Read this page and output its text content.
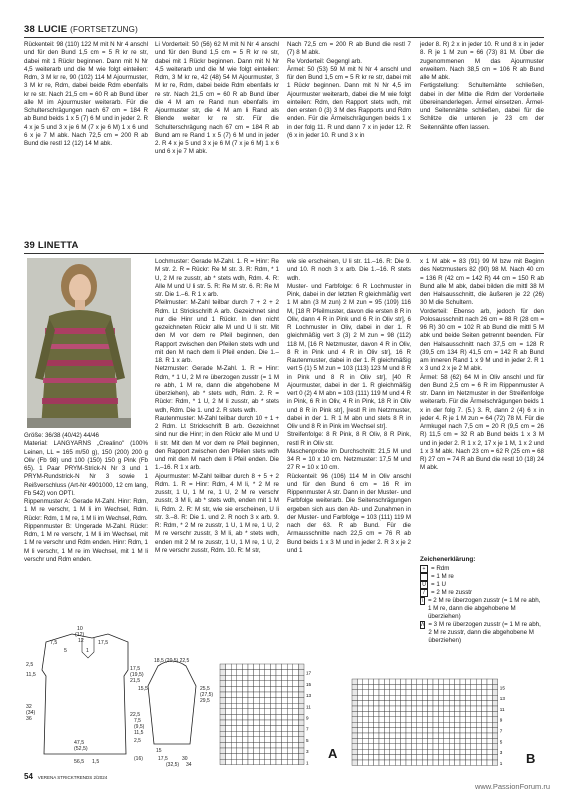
38 LUCIE (FORTSETZUNG)
Rückenteil: 98 (110) 122 M mit N Nr 4 anschl und für den Bund 1,5 cm = 5 R kr re str, dabei mit 1 Rückr beginnen. Dann mit N Nr 4,5 weiterarb und die M wie folgt einteilen: Rdm, 3 M kr re, 90 (102) 114 M Ajourmuster, 3 M kr re, Rdm, dabei beide Rdm ebenfalls kr re str. Nach 21,5 cm = 60 R ab Bund über alle M im Ajourmuster weiterarb. Für die Schulterschrägungen nach 67 cm = 184 R ab Bund beids 1 x 5 (7) 6 M und in jeder 2. R 4 x je 5 und 3 x je 6 M (7 x je 6 M) 1 x 6 und 6 x je 7 M abk. Nach 72,5 cm = 200 R ab Bund die restl 12 (12) 14 M abk.
Li Vorderteil: 50 (56) 62 M mit N Nr 4 anschl und für den Bund 1,5 cm = 5 R kr re str, dabei mit 1 Rückr beginnen. Dann mit N Nr 4,5 weiterarb und die M wie folgt einteilen: Rdm, 3 M kr re, 42 (48) 54 M Ajourmuster, 3 M kr re, Rdm, dabei beide Rdm ebenfalls kr re str. Nach 21,5 cm = 60 R ab Bund über die 4 M am re Rand nun ebenfalls im Ajourmuster str, die 4 M am li Rand als Blende weiter kr re str. Für die Schulterschrägung nach 67 cm = 184 R ab Bund am re Rand 1 x 5 (7) 6 M und in jeder 2. R 4 x je 5 und 3 x je 6 M (7 x je 6 M) 1 x 6 und 6 x je 7 M abk.
Nach 72,5 cm = 200 R ab Bund die restl 7 (7) 8 M abk.
Re Vorderteil: Gegengl arb.
Ärmel: 50 (53) 59 M mit N Nr 4 anschl und für den Bund 1,5 cm = 5 R kr re str, dabei mit 1 Rückr beginnen. Dann mit N Nr 4,5 im Ajourmuster weiterarb, dabei die M wie folgt einteilen: Rdm, den Rapport stets wdh, mit den ersten 0 (3) 3 M des Rapports und Rdm enden. Für die Ärmelschrägungen beids 1 x in der folg 11. R und dann 7 x in jeder 12. R (6 x in jeder 10. R und 3 x in
jeder 8. R) 2 x in jeder 10. R und 8 x in jeder 8. R je 1 M zun = 66 (73) 81 M. Über die zugenommenen M das Ajourmuster erweitern. Nach 38,5 cm = 106 R ab Bund alle M abk.
Fertigstellung: Schulternähte schließen, dabei in der Mitte die Rdm der Vorderteile übereinanderlegen. Ärmel einsetzen. Ärmel- und Seitennähte schließen, dabei für die Schlitze die unteren je 23 cm der Seitennähte offen lassen.
39 LINETTA
Größe: 36/38 (40/42) 44/46
Material: LANGYARNS „Crealino" (100% Leinen, LL = 165 m/50 g), 150 (200) 200 g Oliv (Fb 98) und 100 (150) 150 g Pink (Fb 65). 1 Paar PRYM-Strick-N Nr 3 und 1 PRYM-Rundstrick-N Nr 3 sowie 1 Reißverschluss (Art-Nr 4901000, 12 cm lang, Fb 542) von OPTI.
Rippenmuster A: Gerade M-Zahl. Hinr: Rdm, 1 M re verschr, 1 M li im Wechsel, Rdm. Rückr: Rdm, 1 M re, 1 M li im Wechsel, Rdm.
Rippenmuster B: Ungerade M-Zahl. Rückr: Rdm, 1 M re verschr, 1 M li im Wechsel, mit 1 M re verschr und Rdm enden. Hinr: Rdm, 1 M li verschr, 1 M re im Wechsel, mit 1 M li verschr und Rdm enden.
Lochmuster: Gerade M-Zahl. 1. R = Hinr: Re M str. 2. R = Rückr: Re M str. 3. R: Rdm, * 1 U, 2 M re zusstr, ab * stets wdh, Rdm. 4. R: Alle M und U li str. 5. R: Re M str. 6. R: Re M str. Die 1.–6. R 1 x arb.
Pfeilmuster: M-Zahl teilbar durch 7 + 2 + 2 Rdm. Lt Strickschrift A arb. Gezeichnet sind nur die Hinr und 1 Rückr. In den nicht gezeichneten Rückr alle M und U li str. Mit den M vor dem re Pfeil beginnen, den Rapport zwischen den Pfeilen stets wdh und mit den M nach dem li Pfeil enden. Die 1.–18. R 1 x arb.
Netzmuster: Gerade M-Zahl. 1. R = Hinr: Rdm, * 1 U, 2 M re überzogen zusstr (= 1 M re abh, 1 M re, dann die abgehobene M überziehen), ab * stets wdh, Rdm. 2. R = Rückr: Rdm, * 1 U, 2 M li zusstr, ab * stets wdh, Rdm. Die 1. und 2. R stets wdh.
Rautenmuster: M-Zahl teilbar durch 10 + 1 + 2 Rdm. Lt Strickschrift B arb. Gezeichnet sind nur die Hinr; in den Rückr alle M und U li str. Mit den M vor dem re Pfeil beginnen, den Rapport zwischen den Pfeilen stets wdh und mit den M nach dem li Pfeil enden. Die 1.–16. R 1 x arb.
Ajourmuster: M-Zahl teilbar durch 8 + 5 + 2 Rdm. 1. R = Hinr: Rdm, 4 M li, * 2 M re zusstr, 1 U, 1 M re, 1 U, 2 M re verschr zusstr, 3 M li, ab * stets wdh, enden mit 1 M li, Rdm. 2. R: M str, wie sie erscheinen, U li str. 3.–8. R: Die 1. und 2. R noch 3 x arb. 9. R: Rdm, * 2 M re zusstr, 1 U, 1 M re, 1 U, 2 M re verschr zusstr, 3 M li, ab * stets wdh, enden mit 2 M re zusstr, 1 U, 1 M re, 1 U, 2 M re verschr zusstr, Rdm. 10. R: M str,
wie sie erscheinen, U li str. 11.–16. R: Die 9. und 10. R noch 3 x arb. Die 1.–16. R stets wdh.
Muster- und Farbfolge: 6 R Lochmuster in Pink, dabei in der letzten R gleichmäßig vert 1 M abn (3 M zun) 2 M zun = 95 (109) 116 M, [18 R Pfeilmuster, davon die ersten 8 R in Oliv, dann 4 R in Pink und 6 R in Oliv str], 6 R Lochmuster in Oliv, dabei in der 1. R gleichmäßig vert 3 (3) 2 M zun = 98 (112) 118 M, [16 R Netzmuster, davon 4 R in Oliv, 8 R in Pink und 4 R in Oliv str], 16 R Rautenmuster, dabei in der 1. R gleichmäßig vert 5 (1) 5 M zun = 103 (113) 123 M und 8 R in Pink und 8 R in Oliv str], [40 R Ajourmuster, dabei in der 1. R gleichmäßig vert 0 (2) 4 M abn = 103 (111) 119 M und 4 R in Pink, 6 R in Oliv, 4 R in Pink, 18 R in Oliv und 8 R in Pink str], [restl R im Netzmuster, dabei in der 1. R 1 M abn und stets 8 R in Oliv und 8 R in Pink im Wechsel str].
Streifenfolge: 8 R Pink, 8 R Oliv, 8 R Pink, restl R in Oliv str.
Maschenprobe im Durchschnitt: 21,5 M und 34 R = 10 x 10 cm. Netzmuster: 17,5 M und 27 R = 10 x 10 cm.
Rückenteil: 96 (106) 114 M in Oliv anschl und für den Bund 6 cm = 16 R im Rippenmuster A str. Dann in der Muster- und Farbfolge weiterarb. Die Seitenschrägungen ergeben sich aus den Ab- und Zunahmen in der Muster- und Farbfolge = 103 (111) 119 M nach der 63. R ab Bund. Für die Armausschnitte nach 22,5 cm = 76 R ab Bund beids 1 x 3 M und in jeder 2. R 3 x je 2 und 1
x 1 M abk = 83 (91) 99 M bzw mit Beginn des Netzmusters 82 (90) 98 M. Nach 40 cm = 136 R (42 cm = 142 R) 44 cm = 150 R ab Bund alle M abk, dabei bilden die mittl 38 M den Halsausschnitt, die äußeren je 22 (26) 30 M die Schultern.
Vorderteil: Ebenso arb, jedoch für den Polosausschnitt nach 26 cm = 88 R (28 cm = 96 R) 30 cm = 102 R ab Bund die mittl 5 M abk und beide Seiten getrennt beenden. Für den Halsausschnitt nach 37,5 cm = 128 R (39,5 cm 134 R) 41,5 cm = 142 R ab Bund am inneren Rand 1 x 9 M und in jeder 2. R 1 x 3 und 2 x je 2 M abk.
Ärmel: 58 (62) 64 M in Oliv anschl und für den Bund 2,5 cm = 6 R im Rippenmuster A str. Dann im Netzmuster in der Streifenfolge weiterarb. Für die Ärmelschrägungen beids 1 x in der folg 7. (5.) 3. R, dann 2 (4) 6 x in jeder 4. R je 1 M zun = 64 (72) 78 M. Für die Armkugel nach 7,5 cm = 20 R (9,5 cm = 26 R) 11,5 cm = 32 R ab Bund beids 1 x 3 M und in jeder 2. R 1 x 2, 17 x je 1 M, 1 x 2 und 1 x 3 M abk. Nach 23 cm = 62 R (25 cm = 68 R) 27 cm = 74 R ab Bund die restl 10 (18) 24 M abk.
Zeichenerklärung:
+ = Rdm
= 1 M re
U = 1 U
/	= 2 M re zusstr
\ = 2 M re überzogen zusstr (= 1 M re abh, 1 M re, dann die abgehobene M überziehen)
Λ = 3 M re überzogen zusstr (= 1 M re abh, 2 M re zusstr, dann die abgehobene M überziehen)
10
(12)
12	17,5
7,5
1
5
2,5
11,5
17,5
(19,5)
21,5
22,5
32
(34)
36
47,5
(52,5)
56,5 1,5
18,5 (20,5) 22,5
15,5	25,5
(27,5)
29,5
7,5
(9,5)
11,5
2,5
15
(16)	17,5	30
(32,5) 34	1
3
5
7
9
11
13
15
17
A
1
3
5
7
9
11
13
15
B
54 VERENA STRICKTRENDS 2/2024
www.PassionForum.ru
